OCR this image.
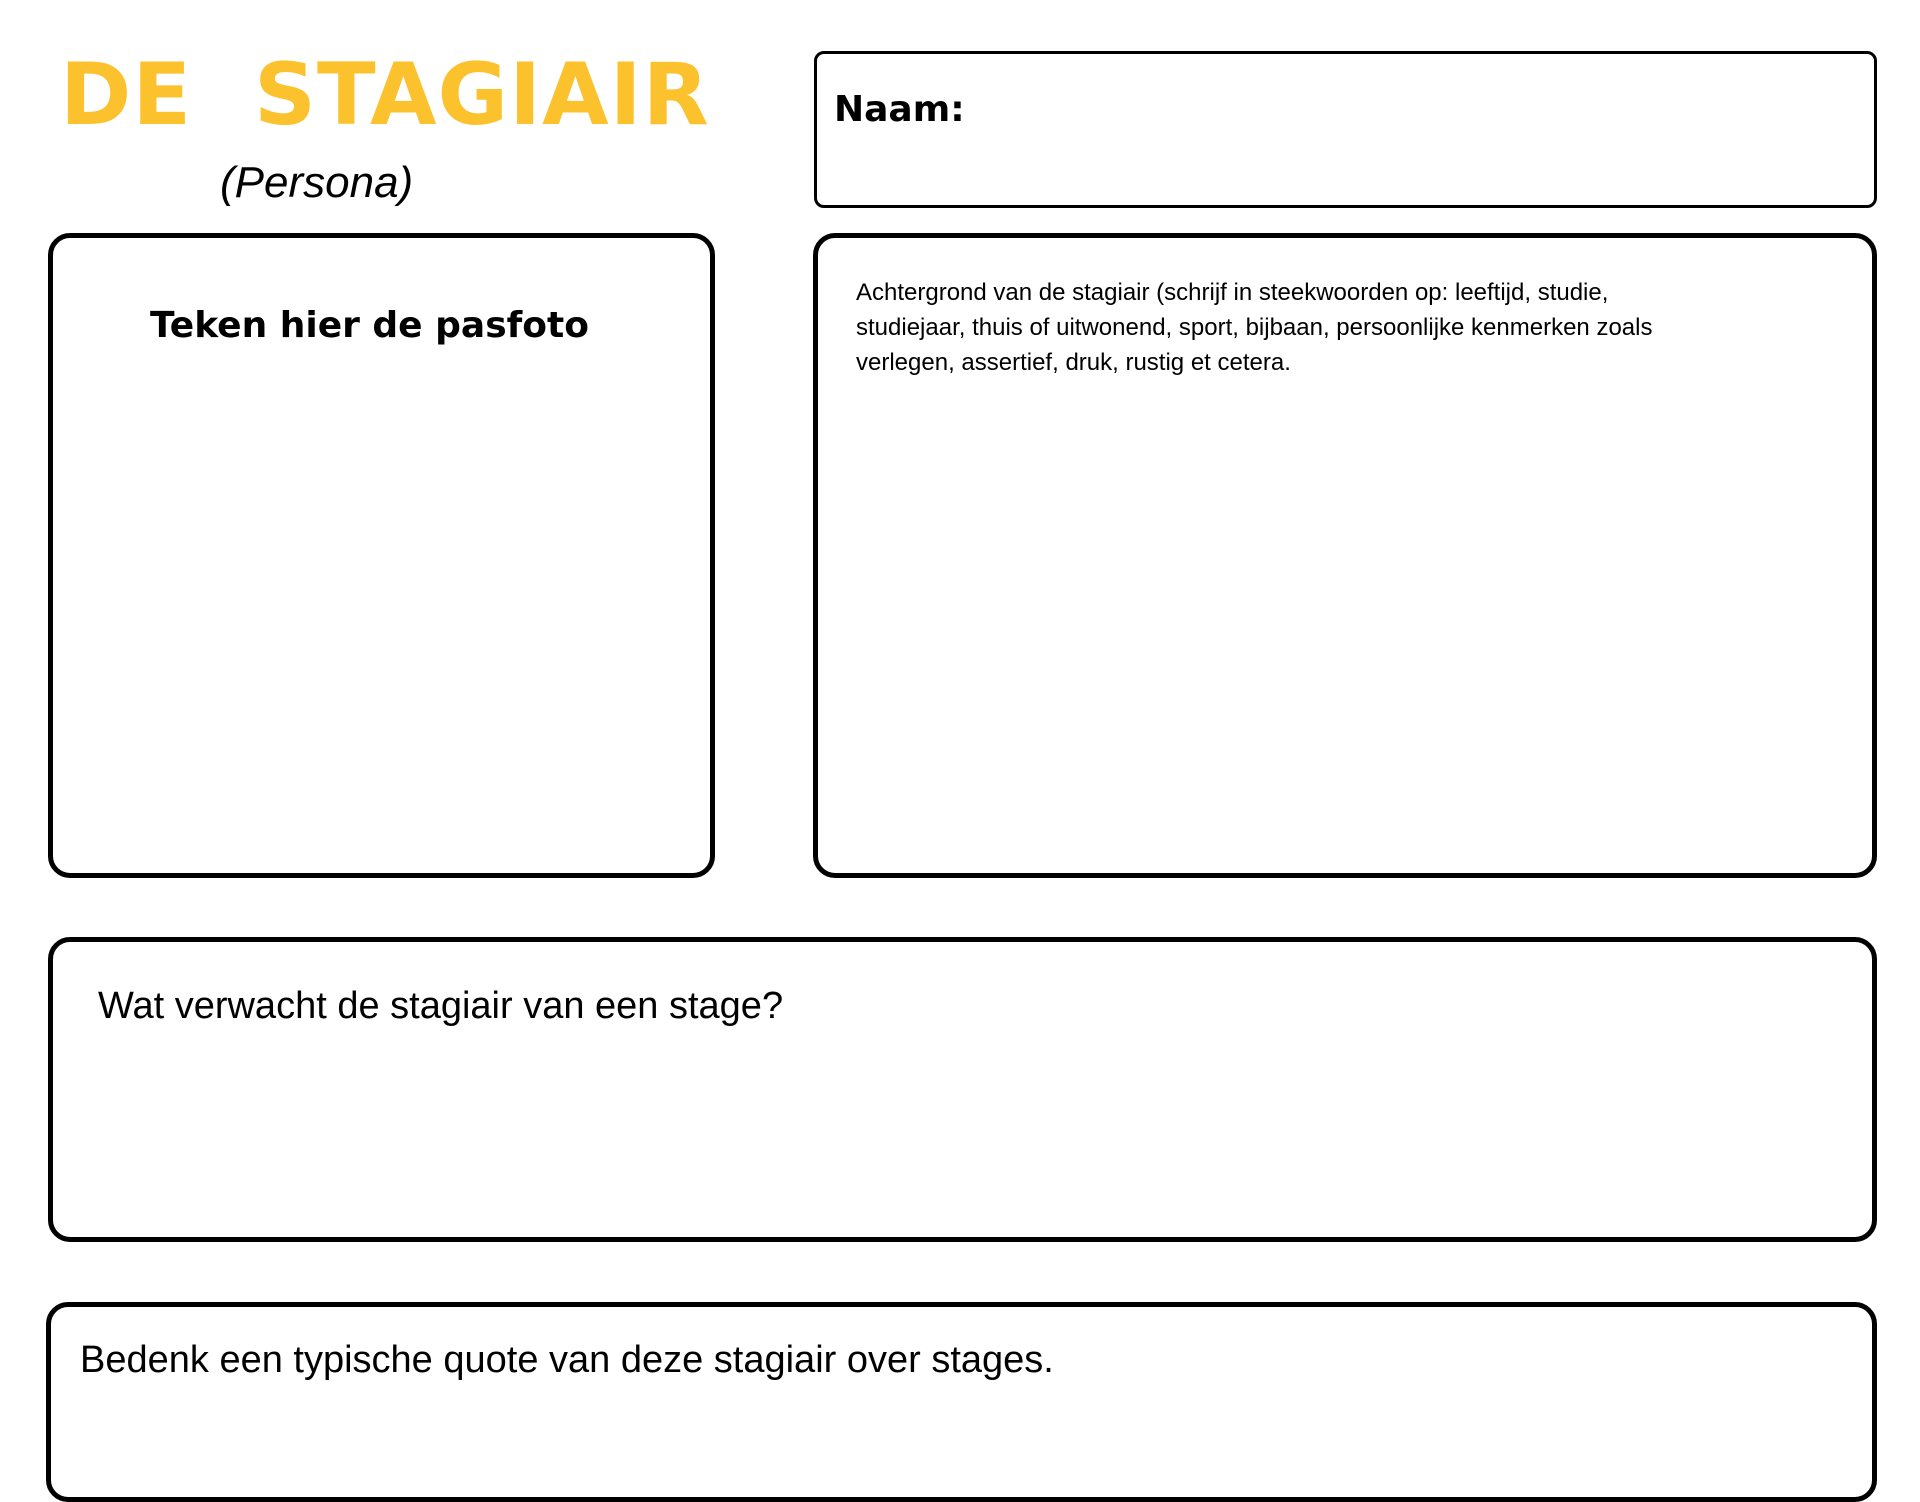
DE  STAGIAIR
(Persona)
Naam:
Teken hier de pasfoto
Achtergrond van de stagiair (schrijf in steekwoorden op: leeftijd, studie, studiejaar, thuis of uitwonend, sport, bijbaan, persoonlijke kenmerken zoals verlegen, assertief, druk, rustig et cetera.
Wat verwacht de stagiair van een stage?
Bedenk een typische quote van deze stagiair over stages.
